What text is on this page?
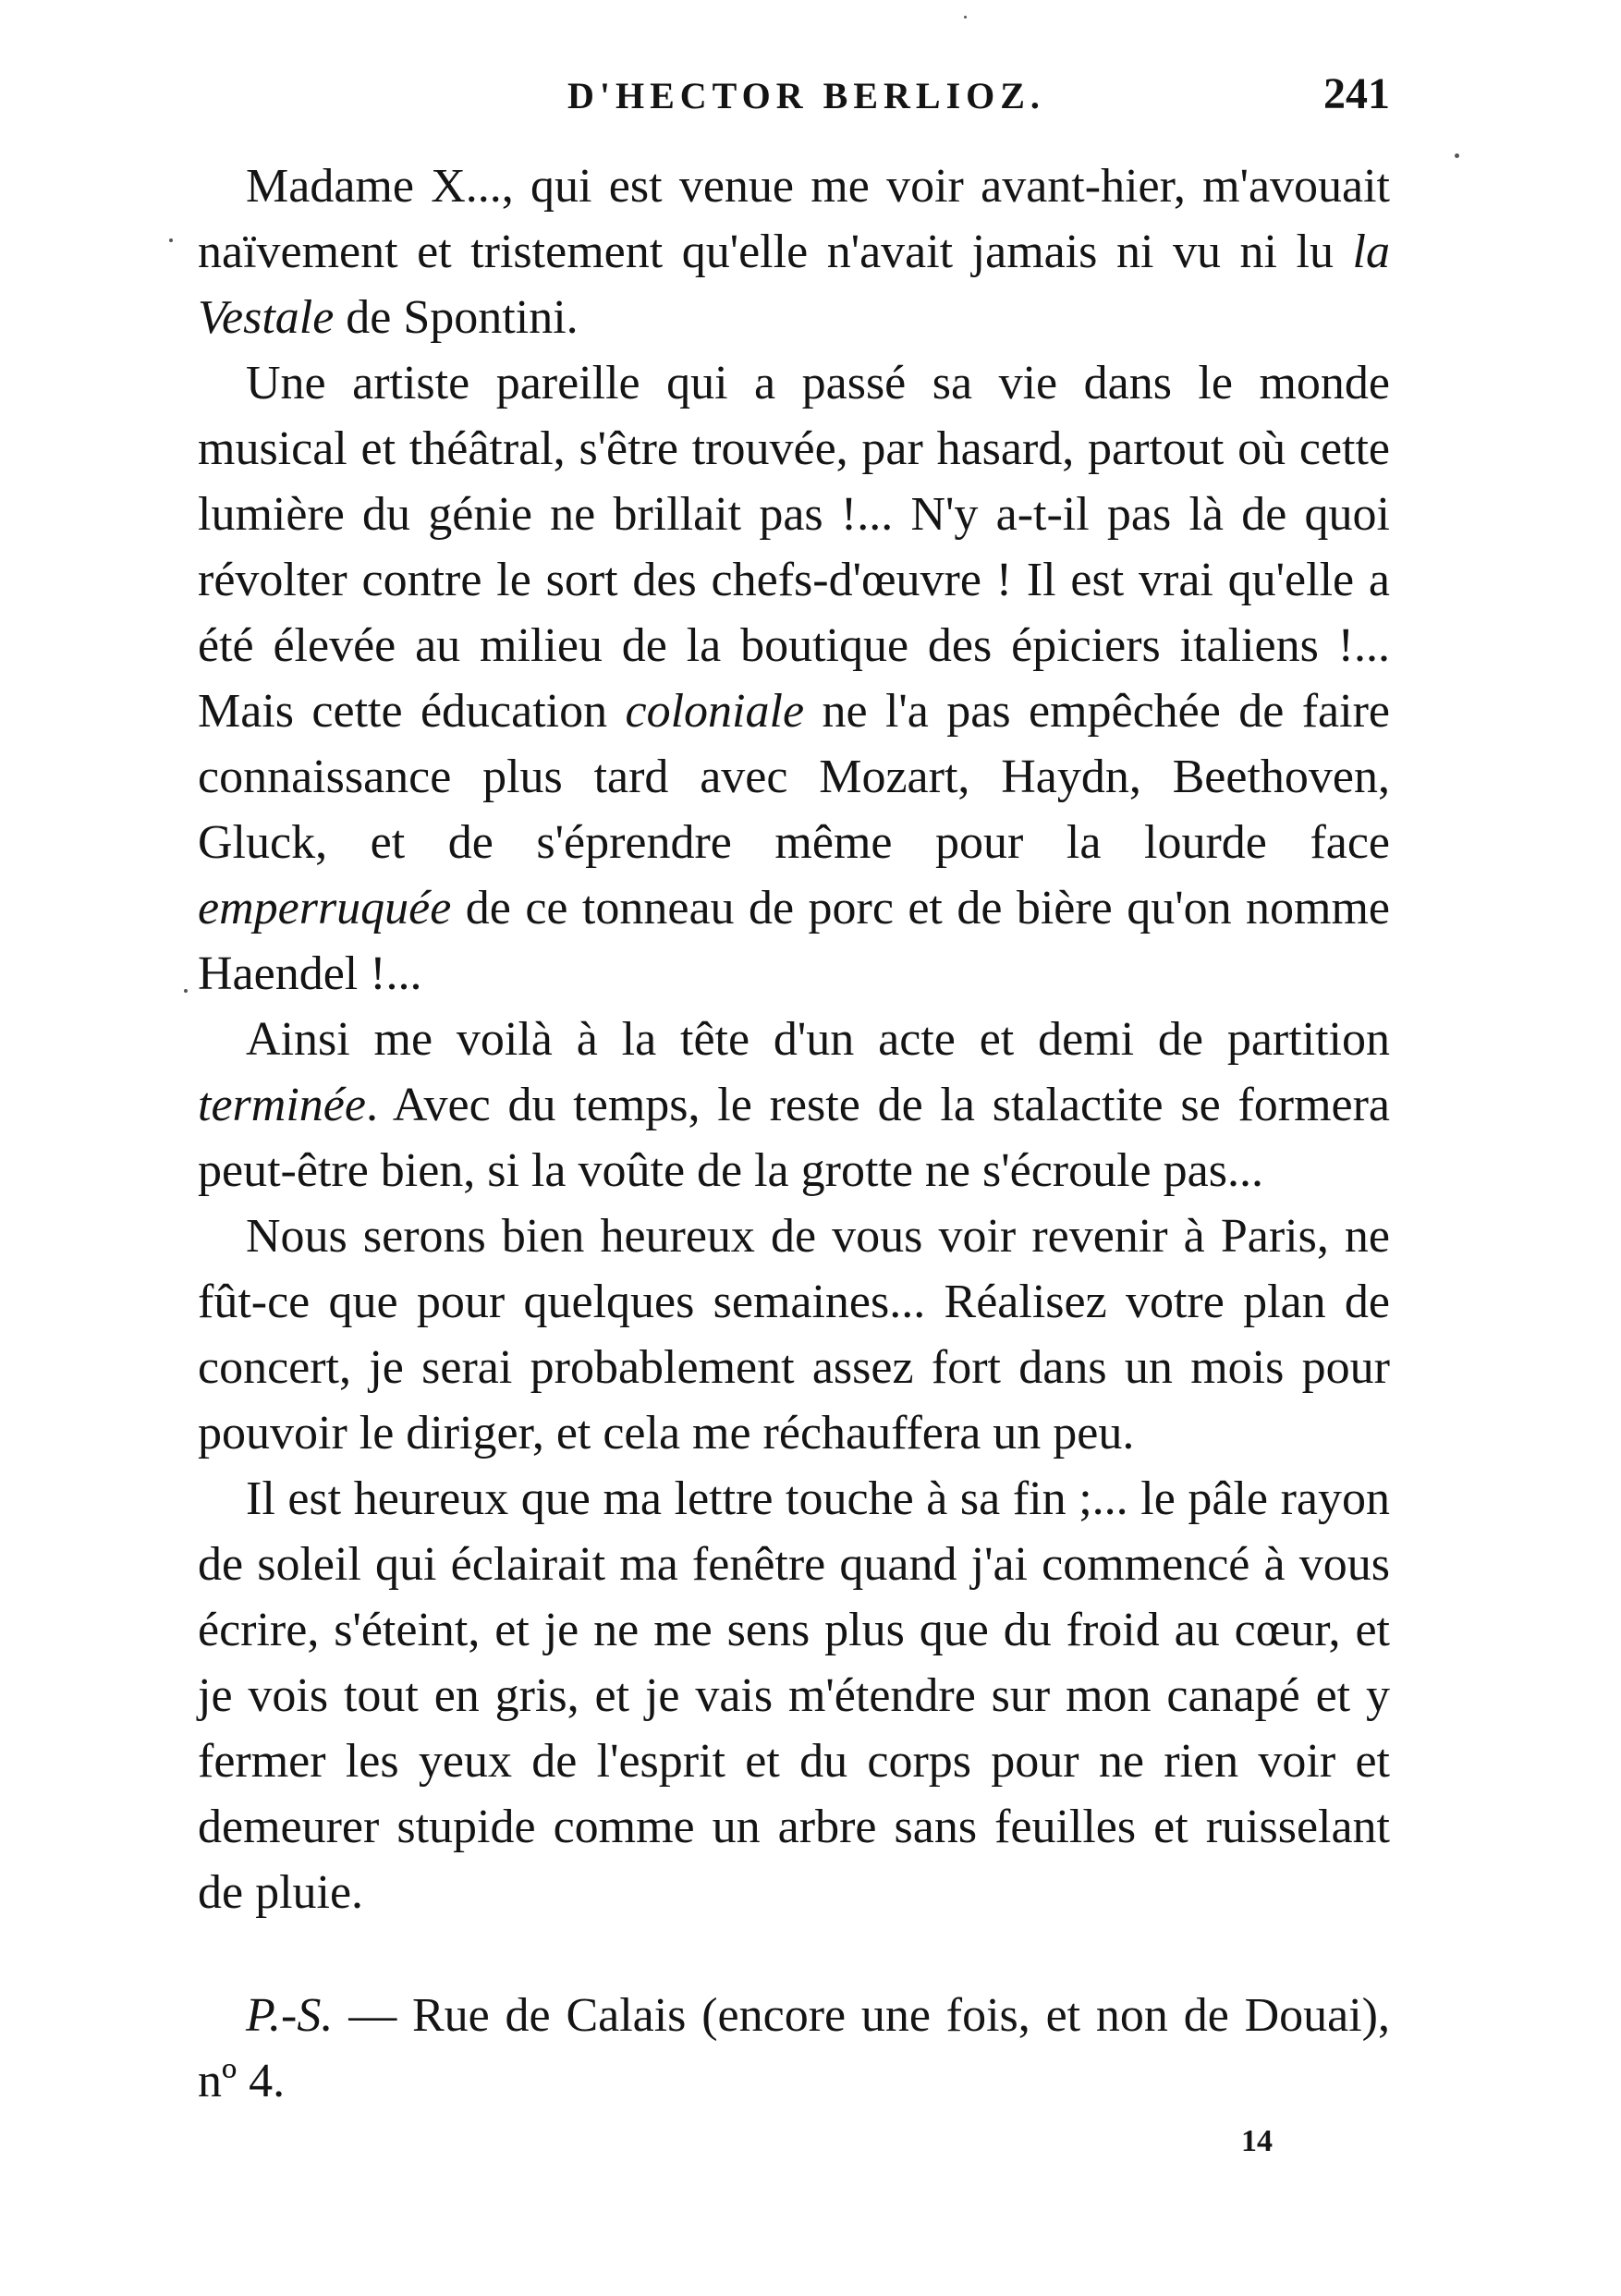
D'HECTOR BERLIOZ.	241

Madame X..., qui est venue me voir avant-hier, m'avouait naïvement et tristement qu'elle n'avait jamais ni vu ni lu la Vestale de Spontini.

Une artiste pareille qui a passé sa vie dans le monde musical et théâtral, s'être trouvée, par hasard, partout où cette lumière du génie ne brillait pas !... N'y a-t-il pas là de quoi révolter contre le sort des chefs-d'œuvre ! Il est vrai qu'elle a été élevée au milieu de la boutique des épiciers italiens !... Mais cette éducation coloniale ne l'a pas empêchée de faire connaissance plus tard avec Mozart, Haydn, Beethoven, Gluck, et de s'éprendre même pour la lourde face emperruquée de ce tonneau de porc et de bière qu'on nomme Haendel !...

Ainsi me voilà à la tête d'un acte et demi de partition terminée. Avec du temps, le reste de la stalactite se formera peut-être bien, si la voûte de la grotte ne s'écroule pas...

Nous serons bien heureux de vous voir revenir à Paris, ne fût-ce que pour quelques semaines... Réalisez votre plan de concert, je serai probablement assez fort dans un mois pour pouvoir le diriger, et cela me réchauffera un peu.

Il est heureux que ma lettre touche à sa fin ;... le pâle rayon de soleil qui éclairait ma fenêtre quand j'ai commencé à vous écrire, s'éteint, et je ne me sens plus que du froid au cœur, et je vois tout en gris, et je vais m'étendre sur mon canapé et y fermer les yeux de l'esprit et du corps pour ne rien voir et demeurer stupide comme un arbre sans feuilles et ruisselant de pluie.

P.-S. — Rue de Calais (encore une fois, et non de Douai), nº 4.

14
